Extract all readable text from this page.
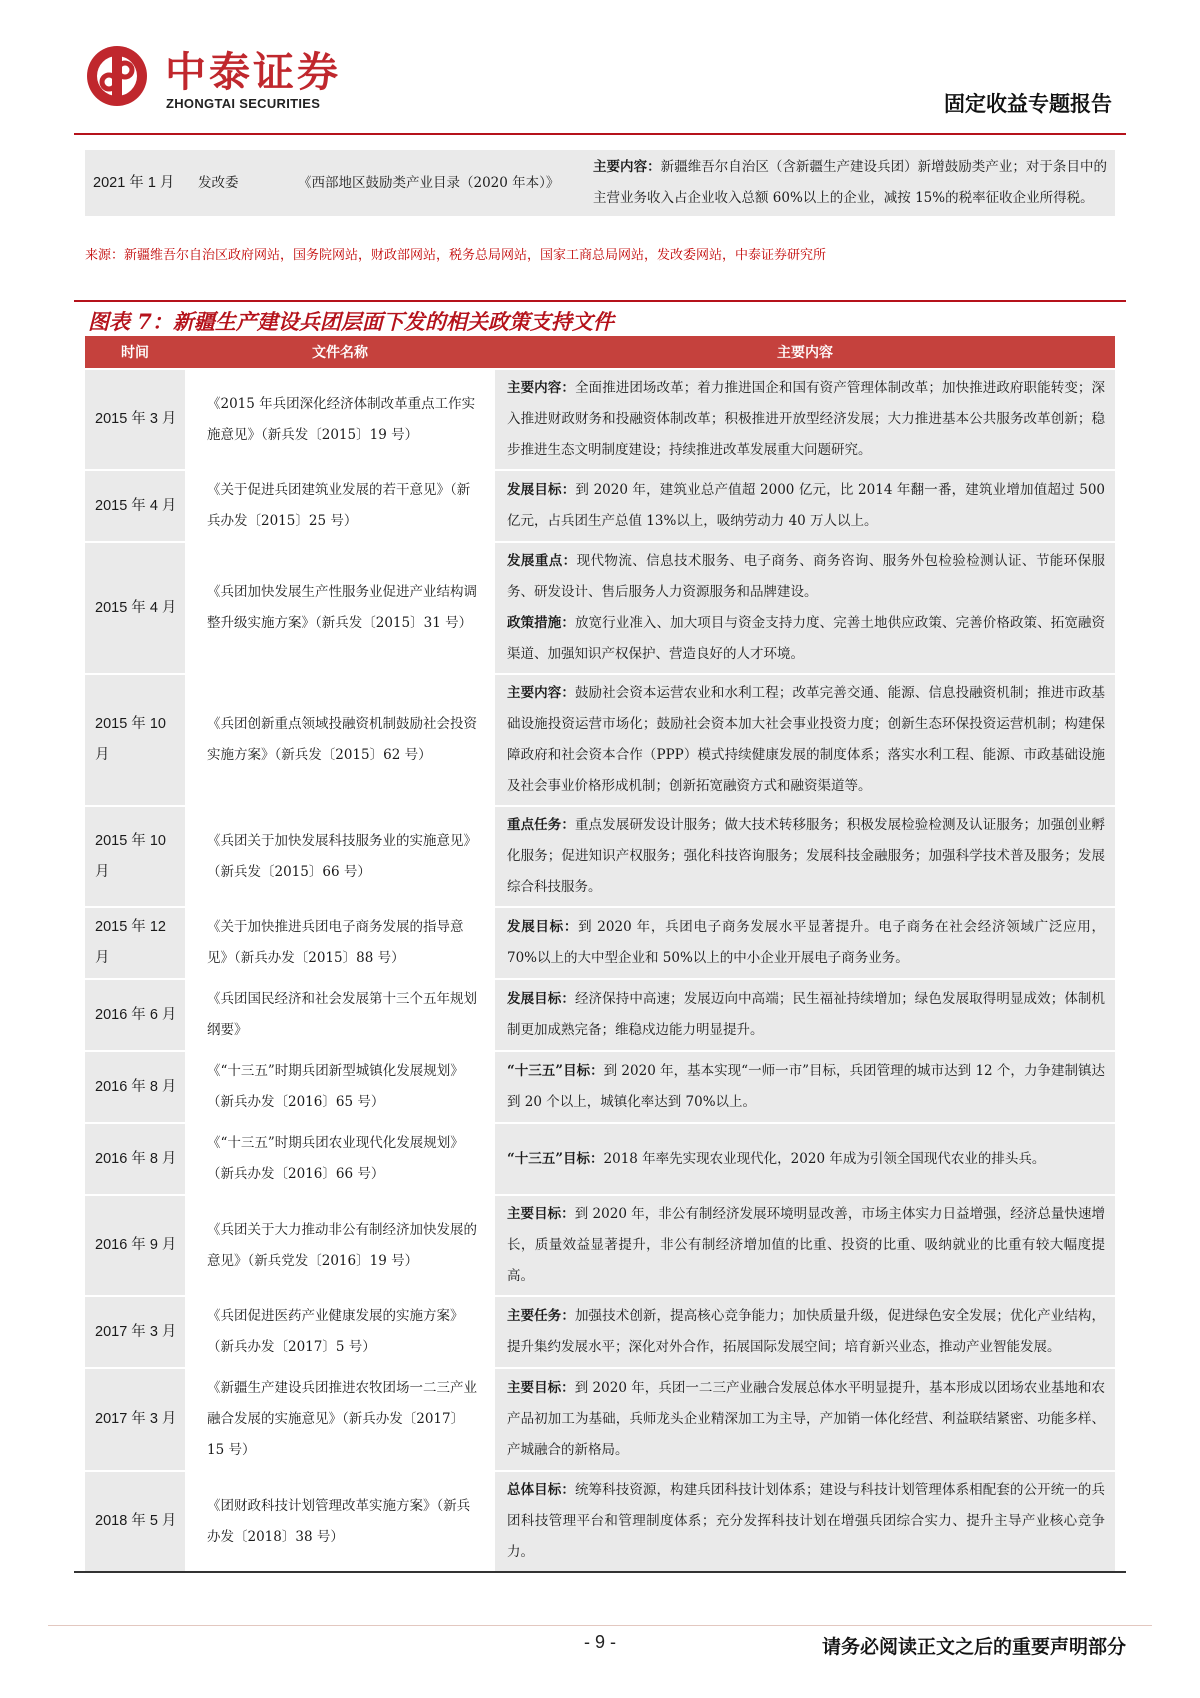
中泰证券
ZHONGTAI SECURITIES	固定收益专题报告
2021 年 1 月	发改委	《西部地区鼓励类产业目录（2020 年本）》	主要内容：新疆维吾尔自治区（含新疆生产建设兵团）新增鼓励类产业；对于条目中的主营业务收入占企业收入总额 60%以上的企业，减按 15%的税率征收企业所得税。
来源：新疆维吾尔自治区政府网站，国务院网站，财政部网站，税务总局网站，国家工商总局网站，发改委网站，中泰证券研究所
图表 7：新疆生产建设兵团层面下发的相关政策支持文件
时间	文件名称	主要内容
2015 年 3 月	《2015 年兵团深化经济体制改革重点工作实施意见》（新兵发〔2015〕19 号）	主要内容：全面推进团场改革；着力推进国企和国有资产管理体制改革；加快推进政府职能转变；深入推进财政财务和投融资体制改革；积极推进开放型经济发展；大力推进基本公共服务改革创新；稳步推进生态文明制度建设；持续推进改革发展重大问题研究。

2015 年 4 月	《关于促进兵团建筑业发展的若干意见》（新兵办发〔2015〕25 号）	发展目标：到 2020 年，建筑业总产值超 2000 亿元，比 2014 年翻一番，建筑业增加值超过 500 亿元，占兵团生产总值 13%以上，吸纳劳动力 40 万人以上。

2015 年 4 月	《兵团加快发展生产性服务业促进产业结构调整升级实施方案》（新兵发〔2015〕31 号）	发展重点：现代物流、信息技术服务、电子商务、商务咨询、服务外包检验检测认证、节能环保服务、研发设计、售后服务人力资源服务和品牌建设。
政策措施：放宽行业准入、加大项目与资金支持力度、完善土地供应政策、完善价格政策、拓宽融资渠道、加强知识产权保护、营造良好的人才环境。

2015 年 10 月	《兵团创新重点领域投融资机制鼓励社会投资实施方案》（新兵发〔2015〕62 号）	主要内容：鼓励社会资本运营农业和水利工程；改革完善交通、能源、信息投融资机制；推进市政基础设施投资运营市场化；鼓励社会资本加大社会事业投资力度；创新生态环保投资运营机制；构建保障政府和社会资本合作（PPP）模式持续健康发展的制度体系；落实水利工程、能源、市政基础设施及社会事业价格形成机制；创新拓宽融资方式和融资渠道等。

2015 年 10 月	《兵团关于加快发展科技服务业的实施意见》（新兵发〔2015〕66 号）	重点任务：重点发展研发设计服务；做大技术转移服务；积极发展检验检测及认证服务；加强创业孵化服务；促进知识产权服务；强化科技咨询服务；发展科技金融服务；加强科学技术普及服务；发展综合科技服务。

2015 年 12 月	《关于加快推进兵团电子商务发展的指导意见》（新兵办发〔2015〕88 号）	发展目标：到 2020 年，兵团电子商务发展水平显著提升。电子商务在社会经济领域广泛应用，70%以上的大中型企业和 50%以上的中小企业开展电子商务业务。

2016 年 6 月	《兵团国民经济和社会发展第十三个五年规划纲要》	发展目标：经济保持中高速；发展迈向中高端；民生福祉持续增加；绿色发展取得明显成效；体制机制更加成熟完备；维稳戍边能力明显提升。

2016 年 8 月	《“十三五”时期兵团新型城镇化发展规划》（新兵办发〔2016〕65 号）	“十三五”目标：到 2020 年，基本实现“一师一市”目标，兵团管理的城市达到 12 个，力争建制镇达到 20 个以上，城镇化率达到 70%以上。

2016 年 8 月	《“十三五”时期兵团农业现代化发展规划》（新兵办发〔2016〕66 号）	“十三五”目标：2018 年率先实现农业现代化，2020 年成为引领全国现代农业的排头兵。

2016 年 9 月	《兵团关于大力推动非公有制经济加快发展的意见》（新兵党发〔2016〕19 号）	主要目标：到 2020 年，非公有制经济发展环境明显改善，市场主体实力日益增强，经济总量快速增长，质量效益显著提升，非公有制经济增加值的比重、投资的比重、吸纳就业的比重有较大幅度提高。

2017 年 3 月	《兵团促进医药产业健康发展的实施方案》（新兵办发〔2017〕5 号）	主要任务：加强技术创新，提高核心竞争能力；加快质量升级，促进绿色安全发展；优化产业结构，提升集约发展水平；深化对外合作，拓展国际发展空间；培育新兴业态，推动产业智能发展。

2017 年 3 月	《新疆生产建设兵团推进农牧团场一二三产业融合发展的实施意见》（新兵办发〔2017〕15 号）	主要目标：到 2020 年，兵团一二三产业融合发展总体水平明显提升，基本形成以团场农业基地和农产品初加工为基础，兵师龙头企业精深加工为主导，产加销一体化经营、利益联结紧密、功能多样、产城融合的新格局。

2018 年 5 月	《团财政科技计划管理改革实施方案》（新兵办发〔2018〕38 号）	总体目标：统筹科技资源，构建兵团科技计划体系；建设与科技计划管理体系相配套的公开统一的兵团科技管理平台和管理制度体系；充分发挥科技计划在增强兵团综合实力、提升主导产业核心竞争力。
- 9 -	请务必阅读正文之后的重要声明部分
